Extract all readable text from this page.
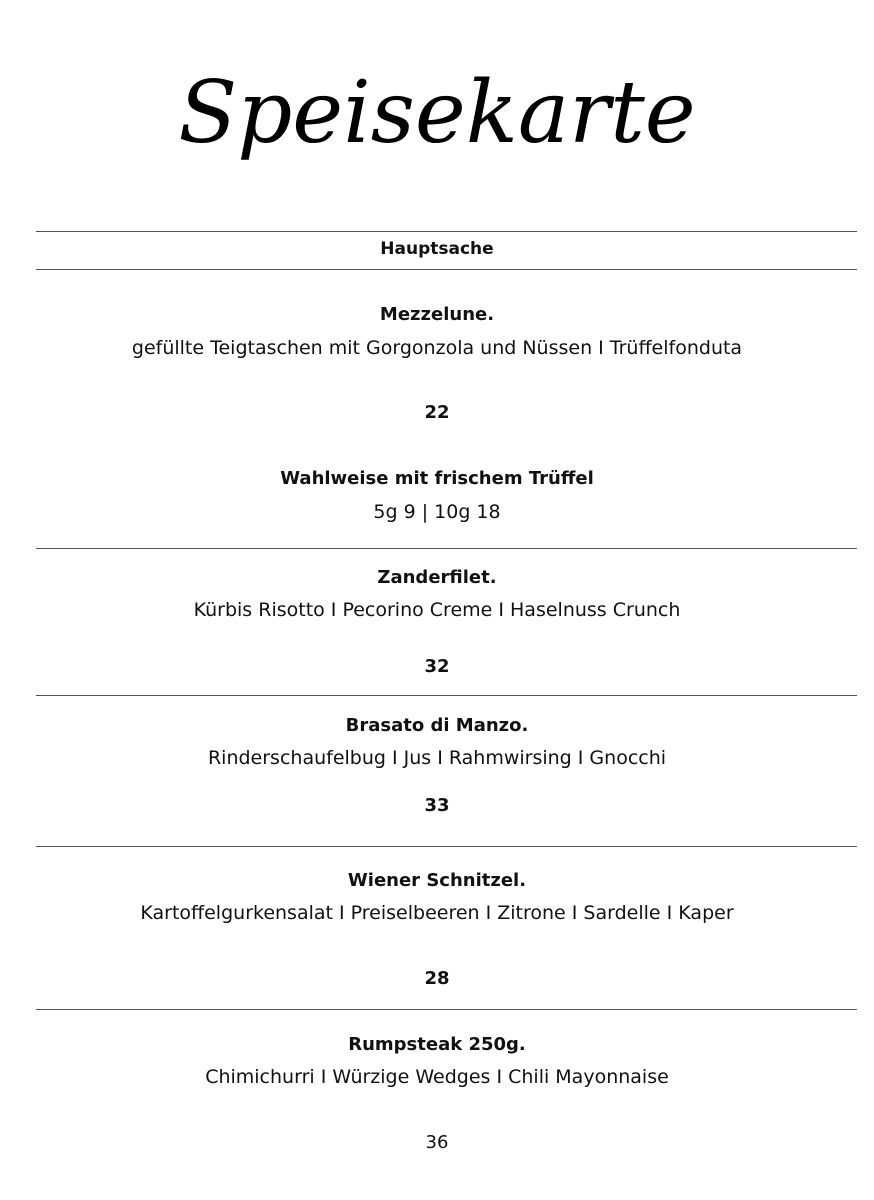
Speisekarte
Hauptsache
Mezzelune.
gefüllte Teigtaschen mit Gorgonzola und Nüssen I Trüffelfonduta
22
Wahlweise mit frischem Trüffel
5g 9 | 10g 18
Zanderfilet.
Kürbis Risotto I Pecorino Creme I Haselnuss Crunch
32
Brasato di Manzo.
Rinderschaufelbug I Jus I Rahmwirsing I Gnocchi
33
Wiener Schnitzel.
Kartoffelgurkensalat I Preiselbeeren I Zitrone I Sardelle I Kaper
28
Rumpsteak 250g.
Chimichurri I Würzige Wedges I Chili Mayonnaise
36
